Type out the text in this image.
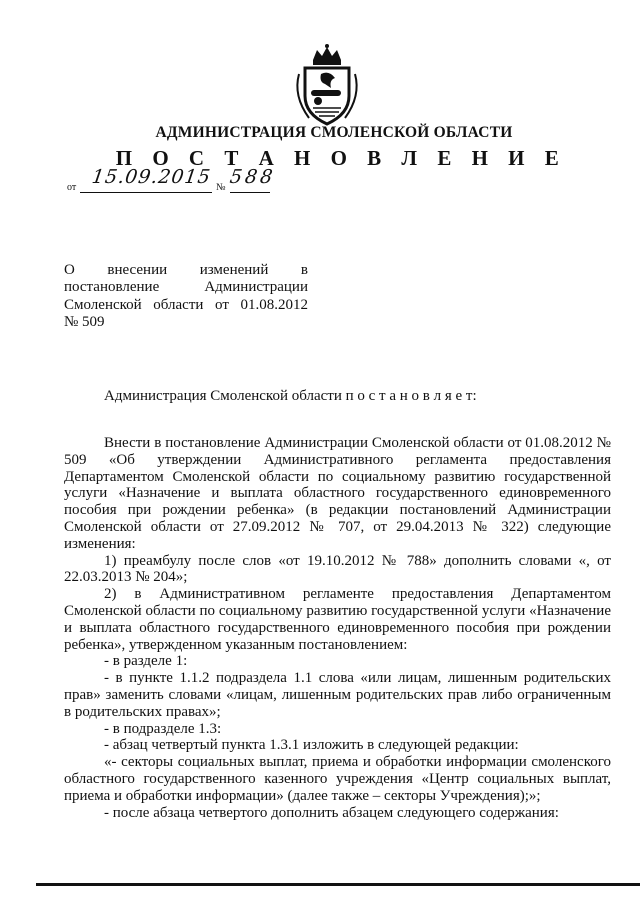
АДМИНИСТРАЦИЯ СМОЛЕНСКОЙ ОБЛАСТИ
П О С Т А Н О В Л Е Н И Е
от 15.09.2015 № 588
О внесении изменений в
постановление Администрации
Смоленской области от 01.08.2012
№ 509
Администрация Смоленской области п о с т а н о в л я е т:

Внести в постановление Администрации Смоленской области от 01.08.2012 № 509 «Об утверждении Административного регламента предоставления Департаментом Смоленской области по социальному развитию государственной услуги «Назначение и выплата областного государственного единовременного пособия при рождении ребенка» (в редакции постановлений Администрации Смоленской области от 27.09.2012 № 707, от 29.04.2013 № 322) следующие изменения:

1) преамбулу после слов «от 19.10.2012 № 788» дополнить словами «, от 22.03.2013 № 204»;

2) в Административном регламенте предоставления Департаментом Смоленской области по социальному развитию государственной услуги «Назначение и выплата областного государственного единовременного пособия при рождении ребенка», утвержденном указанным постановлением:

- в разделе 1:

- в пункте 1.1.2 подраздела 1.1 слова «или лицам, лишенным родительских прав» заменить словами «лицам, лишенным родительских прав либо ограниченным в родительских правах»;

- в подразделе 1.3:

- абзац четвертый пункта 1.3.1 изложить в следующей редакции:

«- секторы социальных выплат, приема и обработки информации смоленского областного государственного казенного учреждения «Центр социальных выплат, приема и обработки информации» (далее также – секторы Учреждения);»;

- после абзаца четвертого дополнить абзацем следующего содержания:
